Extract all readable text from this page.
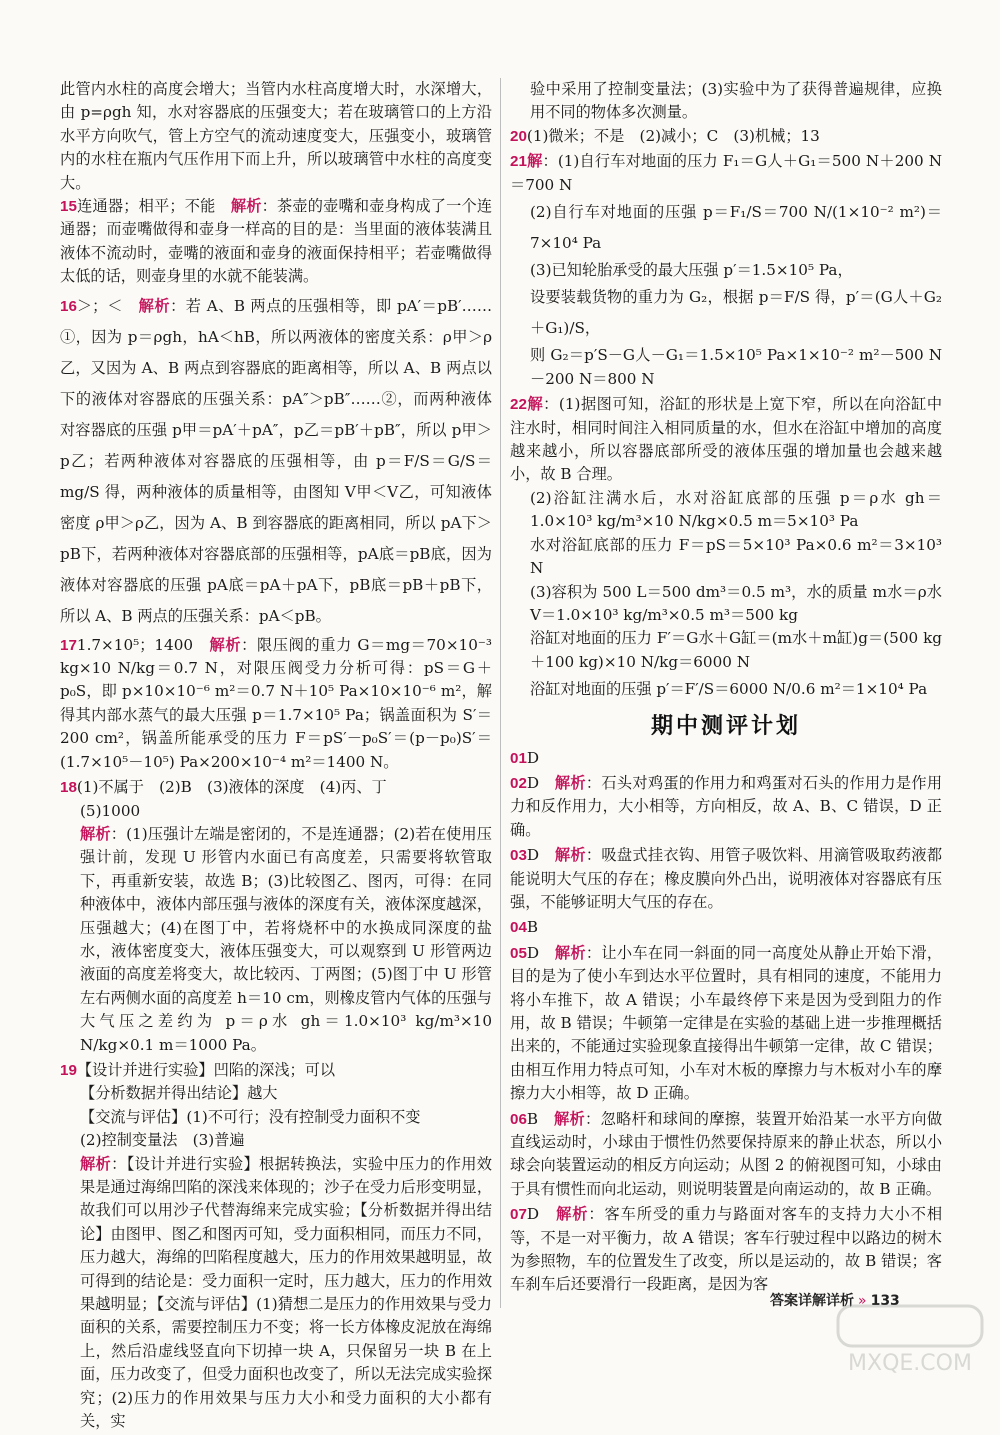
此管内水柱的高度会增大；当管内水柱高度增大时，水深增大，由 p=ρgh 知，水对容器底的压强变大；若在玻璃管口的上方沿水平方向吹气，管上方空气的流动速度变大，压强变小，玻璃管内的水柱在瓶内气压作用下而上升，所以玻璃管中水柱的高度变大。

15连通器；相平；不能　 解析：茶壶的壶嘴和壶身构成了一个连通器；而壶嘴做得和壶身一样高的目的是：当里面的液体装满且液体不流动时，壶嘴的液面和壶身的液面保持相平；若壶嘴做得太低的话，则壶身里的水就不能装满。

16＞；＜　 解析：若 A、B 两点的压强相等，即 pA′＝pB′……①，因为 p＝ρgh，hA＜hB，所以两液体的密度关系：ρ甲＞ρ乙，又因为 A、B 两点到容器底的距离相等，所以 A、B 两点以下的液体对容器底的压强关系：pA″＞pB″……②，而两种液体对容器底的压强 p甲＝pA′＋pA″，p乙＝pB′＋pB″，所以 p甲＞p乙；若两种液体对容器底的压强相等，由 p＝F/S＝G/S＝mg/S 得，两种液体的质量相等，由图知 V甲＜V乙，可知液体密度 ρ甲＞ρ乙，因为 A、B 到容器底的距离相同，所以 pA下＞pB下，若两种液体对容器底部的压强相等，pA底＝pB底，因为液体对容器底的压强 pA底＝pA＋pA下，pB底＝pB＋pB下，所以 A、B 两点的压强关系：pA＜pB。

171.7×10⁵；1400　 解析：限压阀的重力 G＝mg＝70×10⁻³ kg×10 N/kg＝0.7 N，对限压阀受力分析可得：pS＝G＋p₀S，即 p×10×10⁻⁶ m²＝0.7 N＋10⁵ Pa×10×10⁻⁶ m²，解得其内部水蒸气的最大压强 p＝1.7×10⁵ Pa；锅盖面积为 S′＝200 cm²，锅盖所能承受的压力 F＝pS′－p₀S′＝(p－p₀)S′＝(1.7×10⁵－10⁵) Pa×200×10⁻⁴ m²＝1400 N。

18(1)不属于　(2)B　(3)液体的深度　(4)丙、丁

(5)1000

解析：(1)压强计左端是密闭的，不是连通器；(2)若在使用压强计前，发现 U 形管内水面已有高度差，只需要将软管取下，再重新安装，故选 B；(3)比较图乙、图丙，可得：在同种液体中，液体内部压强与液体的深度有关，液体深度越深，压强越大；(4)在图丁中，若将烧杯中的水换成同深度的盐水，液体密度变大，液体压强变大，可以观察到 U 形管两边液面的高度差将变大，故比较丙、丁两图；(5)图丁中 U 形管左右两侧水面的高度差 h＝10 cm，则橡皮管内气体的压强与大气压之差约为 p＝ρ水 gh＝1.0×10³ kg/m³×10 N/kg×0.1 m＝1000 Pa。

19【设计并进行实验】凹陷的深浅；可以

【分析数据并得出结论】越大

【交流与评估】(1)不可行；没有控制受力面积不变

(2)控制变量法　(3)普遍

解析：【设计并进行实验】根据转换法，实验中压力的作用效果是通过海绵凹陷的深浅来体现的；沙子在受力后形变明显，故我们可以用沙子代替海绵来完成实验；【分析数据并得出结论】由图甲、图乙和图丙可知，受力面积相同，而压力不同，压力越大，海绵的凹陷程度越大，压力的作用效果越明显，故可得到的结论是：受力面积一定时，压力越大，压力的作用效果越明显；【交流与评估】(1)猜想二是压力的作用效果与受力面积的关系，需要控制压力不变；将一长方体橡皮泥放在海绵上，然后沿虚线竖直向下切掉一块 A，只保留另一块 B 在上面，压力改变了，但受力面积也改变了，所以无法完成实验探究；(2)压力的作用效果与压力大小和受力面积的大小都有关，实

验中采用了控制变量法；(3)实验中为了获得普遍规律，应换用不同的物体多次测量。

20(1)微米；不是　(2)减小；C　(3)机械；13

21解：(1)自行车对地面的压力 F₁＝G人＋G₁＝500 N＋200 N＝700 N

(2)自行车对地面的压强 p＝F₁/S＝700 N/(1×10⁻² m²)＝7×10⁴ Pa

(3)已知轮胎承受的最大压强 p′＝1.5×10⁵ Pa，

设要装载货物的重力为 G₂，根据 p＝F/S 得，p′＝(G人＋G₂＋G₁)/S，

则 G₂＝p′S－G人－G₁＝1.5×10⁵ Pa×1×10⁻² m²－500 N－200 N＝800 N

22解：(1)据图可知，浴缸的形状是上宽下窄，所以在向浴缸中注水时，相同时间注入相同质量的水，但水在浴缸中增加的高度越来越小，所以容器底部所受的液体压强的增加量也会越来越小，故 B 合理。

(2)浴缸注满水后，水对浴缸底部的压强 p＝ρ水 gh＝1.0×10³ kg/m³×10 N/kg×0.5 m＝5×10³ Pa

水对浴缸底部的压力 F＝pS＝5×10³ Pa×0.6 m²＝3×10³ N

(3)容积为 500 L＝500 dm³＝0.5 m³，水的质量 m水＝ρ水 V＝1.0×10³ kg/m³×0.5 m³＝500 kg

浴缸对地面的压力 F′＝G水＋G缸＝(m水＋m缸)g＝(500 kg＋100 kg)×10 N/kg＝6000 N

浴缸对地面的压强 p′＝F′/S＝6000 N/0.6 m²＝1×10⁴ Pa

期中测评计划

01D

02D　 解析：石头对鸡蛋的作用力和鸡蛋对石头的作用力是作用力和反作用力，大小相等，方向相反，故 A、B、C 错误，D 正确。

03D　 解析：吸盘式挂衣钩、用管子吸饮料、用滴管吸取药液都能说明大气压的存在；橡皮膜向外凸出，说明液体对容器底有压强，不能够证明大气压的存在。

04B

05D　 解析：让小车在同一斜面的同一高度处从静止开始下滑，目的是为了使小车到达水平位置时，具有相同的速度，不能用力将小车推下，故 A 错误；小车最终停下来是因为受到阻力的作用，故 B 错误；牛顿第一定律是在实验的基础上进一步推理概括出来的，不能通过实验现象直接得出牛顿第一定律，故 C 错误；由相互作用力特点可知，小车对木板的摩擦力与木板对小车的摩擦力大小相等，故 D 正确。

06B　 解析：忽略杆和球间的摩擦，装置开始沿某一水平方向做直线运动时，小球由于惯性仍然要保持原来的静止状态，所以小球会向装置运动的相反方向运动；从图 2 的俯视图可知，小球由于具有惯性而向北运动，则说明装置是向南运动的，故 B 正确。

07D　 解析：客车所受的重力与路面对客车的支持力大小不相等，不是一对平衡力，故 A 错误；客车行驶过程中以路边的树木为参照物，车的位置发生了改变，所以是运动的，故 B 错误；客车刹车后还要滑行一段距离，是因为客

答案详解详析 » 133
MXQE.COM
